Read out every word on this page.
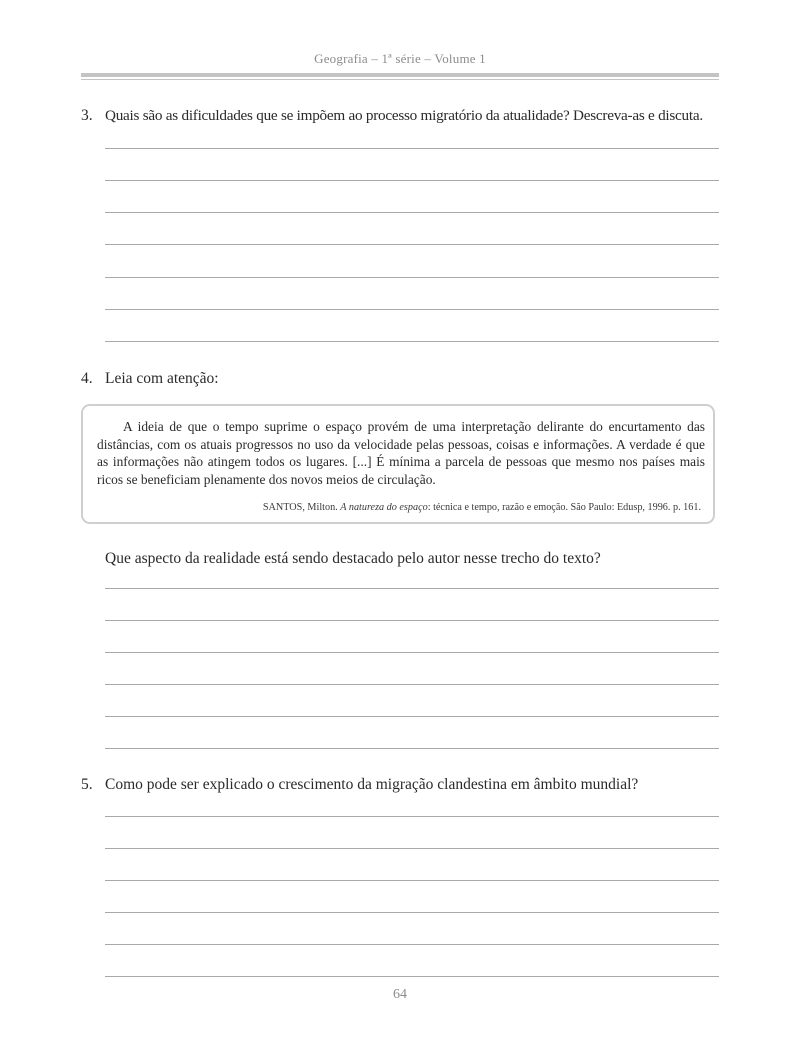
Geografia – 1ª série – Volume 1
3. Quais são as dificuldades que se impõem ao processo migratório da atualidade? Descreva-as e discuta.
4. Leia com atenção:

A ideia de que o tempo suprime o espaço provém de uma interpretação delirante do encurtamento das distâncias, com os atuais progressos no uso da velocidade pelas pessoas, coisas e informações. A verdade é que as informações não atingem todos os lugares. [...] É mínima a parcela de pessoas que mesmo nos países mais ricos se beneficiam plenamente dos novos meios de circulação.

SANTOS, Milton. A natureza do espaço: técnica e tempo, razão e emoção. São Paulo: Edusp, 1996. p. 161.
Que aspecto da realidade está sendo destacado pelo autor nesse trecho do texto?
5. Como pode ser explicado o crescimento da migração clandestina em âmbito mundial?
64
